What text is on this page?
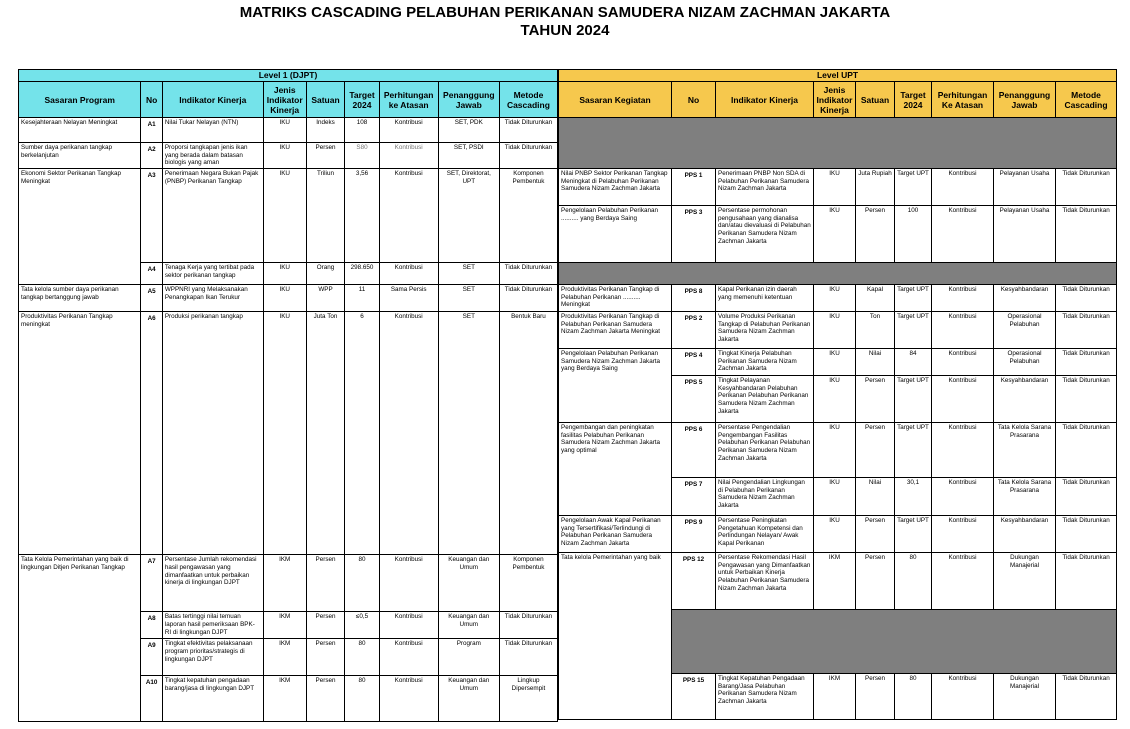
MATRIKS CASCADING PELABUHAN PERIKANAN SAMUDERA NIZAM ZACHMAN JAKARTA
TAHUN 2024
Level 1 (DJPT)								
Sasaran Program	No	Indikator Kinerja	Jenis Indikator Kinerja	Satuan	Target 2024	Perhitungan ke Atasan	Penanggung Jawab	Metode Cascading
Kesejahteraan Nelayan Meningkat	A1	Nilai Tukar Nelayan (NTN)	IKU	Indeks	108	Kontribusi	SET, PDK	Tidak Diturunkan
Sumber daya perikanan tangkap berkelanjutan	A2	Proporsi tangkapan jenis ikan yang berada dalam batasan biologis yang aman	IKU	Persen	S80	Kontribusi	SET, PSDI	Tidak Diturunkan
Ekonomi Sektor Perikanan Tangkap Meningkat	A3	Penerimaan Negara Bukan Pajak (PNBP) Perikanan Tangkap	IKU	Triliun	3,56	Kontribusi	SET, Direktorat, UPT	Komponen Pembentuk
	A4	Tenaga Kerja yang tertibat pada sektor perikanan tangkap	IKU	Orang	298.650	Kontribusi	SET	Tidak Diturunkan
Tata kelola sumber daya perikanan tangkap bertanggung jawab	A5	WPPNRI yang Melaksanakan Penangkapan Ikan Terukur	IKU	WPP	11	Sama Persis	SET	Tidak Diturunkan
Produktivitas Perikanan Tangkap meningkat	A6	Produksi perikanan tangkap	IKU	Juta Ton	6	Kontribusi	SET	Bentuk Baru
Tata Kelola Pemerintahan yang baik di lingkungan Ditjen Perikanan Tangkap	A7	Persentase Jumlah rekomendasi hasil pengawasan yang dimanfaatkan untuk perbaikan kinerja di lingkungan DJPT	IKM	Persen	80	Kontribusi	Keuangan dan Umum	Komponen Pembentuk
	A8	Batas tertinggi nilai temuan laporan hasil pemeriksaan BPK-RI di lingkungan DJPT	IKM	Persen	≤0,5	Kontribusi	Keuangan dan Umum	Tidak Diturunkan
	A9	Tingkat efektivitas pelaksanaan program prioritas/strategis di lingkungan DJPT	IKM	Persen	80	Kontribusi	Program	Tidak Diturunkan
	A10	Tingkat kepatuhan pengadaan barang/jasa di lingkungan DJPT	IKM	Persen	80	Kontribusi	Keuangan dan Umum	Lingkup Dipersempit
Level UPT								
Sasaran Kegiatan	No	Indikator Kinerja	Jenis Indikator Kinerja	Satuan	Target 2024	Perhitungan Ke Atasan	Penanggung Jawab	Metode Cascading

Nilai PNBP Sektor Perikanan Tangkap Meningkat di Pelabuhan Perikanan Samudera Nizam Zachman Jakarta	PPS 1	Penerimaan PNBP Non SDA di Pelabuhan Perikanan Samudera Nizam Zachman Jakarta	IKU	Juta Rupiah	Target UPT	Kontribusi	Pelayanan Usaha	Tidak Diturunkan
Pengelolaan Pelabuhan Perikanan .......... yang Berdaya Saing	PPS 3	Persentase permohonan pengusahaan yang dianalisa dan/atau dievaluasi di Pelabuhan Perikanan Samudera Nizam Zachman Jakarta	IKU	Persen	100	Kontribusi	Pelayanan Usaha	Tidak Diturunkan

Produktivitas Perikanan Tangkap di Pelabuhan Perikanan .......... Meningkat	PPS 8	Kapal Perikanan izin daerah yang memenuhi ketentuan	IKU	Kapal	Target UPT	Kontribusi	Kesyahbandaran	Tidak Diturunkan
Produktivitas Perikanan Tangkap di Pelabuhan Perikanan Samudera Nizam Zachman Jakarta Meningkat	PPS 2	Volume Produksi Perikanan Tangkap di Pelabuhan Perikanan Samudera Nizam Zachman Jakarta	IKU	Ton	Target UPT	Kontribusi	Operasional Pelabuhan	Tidak Diturunkan
Pengelolaan Pelabuhan Perikanan Samudera Nizam Zachman Jakarta yang Berdaya Saing	PPS 4	Tingkat Kinerja Pelabuhan Perikanan Samudera Nizam Zachman Jakarta	IKU	Nilai	84	Kontribusi	Operasional Pelabuhan	Tidak Diturunkan
	PPS 5	Tingkat Pelayanan Kesyahbandaran Pelabuhan Perikanan Pelabuhan Perikanan Samudera Nizam Zachman Jakarta	IKU	Persen	Target UPT	Kontribusi	Kesyahbandaran	Tidak Diturunkan
Pengembangan dan peningkatan fasilitas Pelabuhan Perikanan Samudera Nizam Zachman Jakarta yang optimal	PPS 6	Persentase Pengendalian Pengembangan Fasilitas Pelabuhan Perikanan Pelabuhan Perikanan Samudera Nizam Zachman Jakarta	IKU	Persen	Target UPT	Kontribusi	Tata Kelola Sarana Prasarana	Tidak Diturunkan
	PPS 7	Nilai Pengendalian Lingkungan di Pelabuhan Perikanan Samudera Nizam Zachman Jakarta	IKU	Nilai	30,1	Kontribusi	Tata Kelola Sarana Prasarana	Tidak Diturunkan
Pengelolaan Awak Kapal Perikanan yang Tersertifikasi/Terlindungi di Pelabuhan Perikanan Samudera Nizam Zachman Jakarta	PPS 9	Persentase Peningkatan Pengetahuan Kompetensi dan Perlindungan Nelayan/ Awak Kapal Perikanan	IKU	Persen	Target UPT	Kontribusi	Kesyahbandaran	Tidak Diturunkan
Tata kelola Pemerintahan yang baik	PPS 12	Persentase Rekomendasi Hasil Pengawasan yang Dimanfaatkan untuk Perbaikan Kinerja Pelabuhan Perikanan Samudera Nizam Zachman Jakarta	IKM	Persen	80	Kontribusi	Dukungan Manajerial	Tidak Diturunkan

	PPS 15	Tingkat Kepatuhan Pengadaan Barang/Jasa Pelabuhan Perikanan Samudera Nizam Zachman Jakarta	IKM	Persen	80	Kontribusi	Dukungan Manajerial	Tidak Diturunkan
